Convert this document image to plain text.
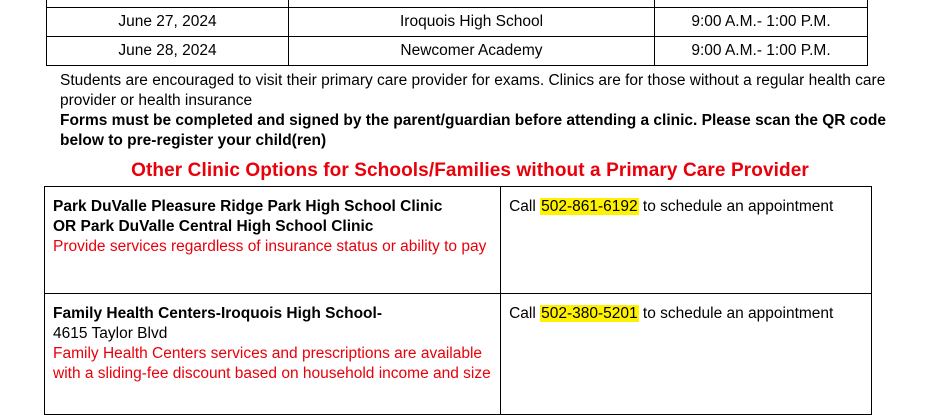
June 27, 2024	Iroquois High School	9:00 A.M.- 1:00 P.M.
June 28, 2024	Newcomer Academy	9:00 A.M.- 1:00 P.M.

Students are encouraged to visit their primary care provider for exams. Clinics are for those without a regular health care provider or health insurance

Forms must be completed and signed by the parent/guardian before attending a clinic. Please scan the QR code below to pre-register your child(ren)

Other Clinic Options for Schools/Families without a Primary Care Provider
Park DuValle Pleasure Ridge Park High School Clinic
OR Park DuValle Central High School Clinic
Provide services regardless of insurance status or ability to pay	Call 502-861-6192 to schedule an appointment

Family Health Centers-Iroquois High School-
4615 Taylor Blvd
Family Health Centers services and prescriptions are available with a sliding-fee discount based on household income and size	Call 502-380-5201 to schedule an appointment
